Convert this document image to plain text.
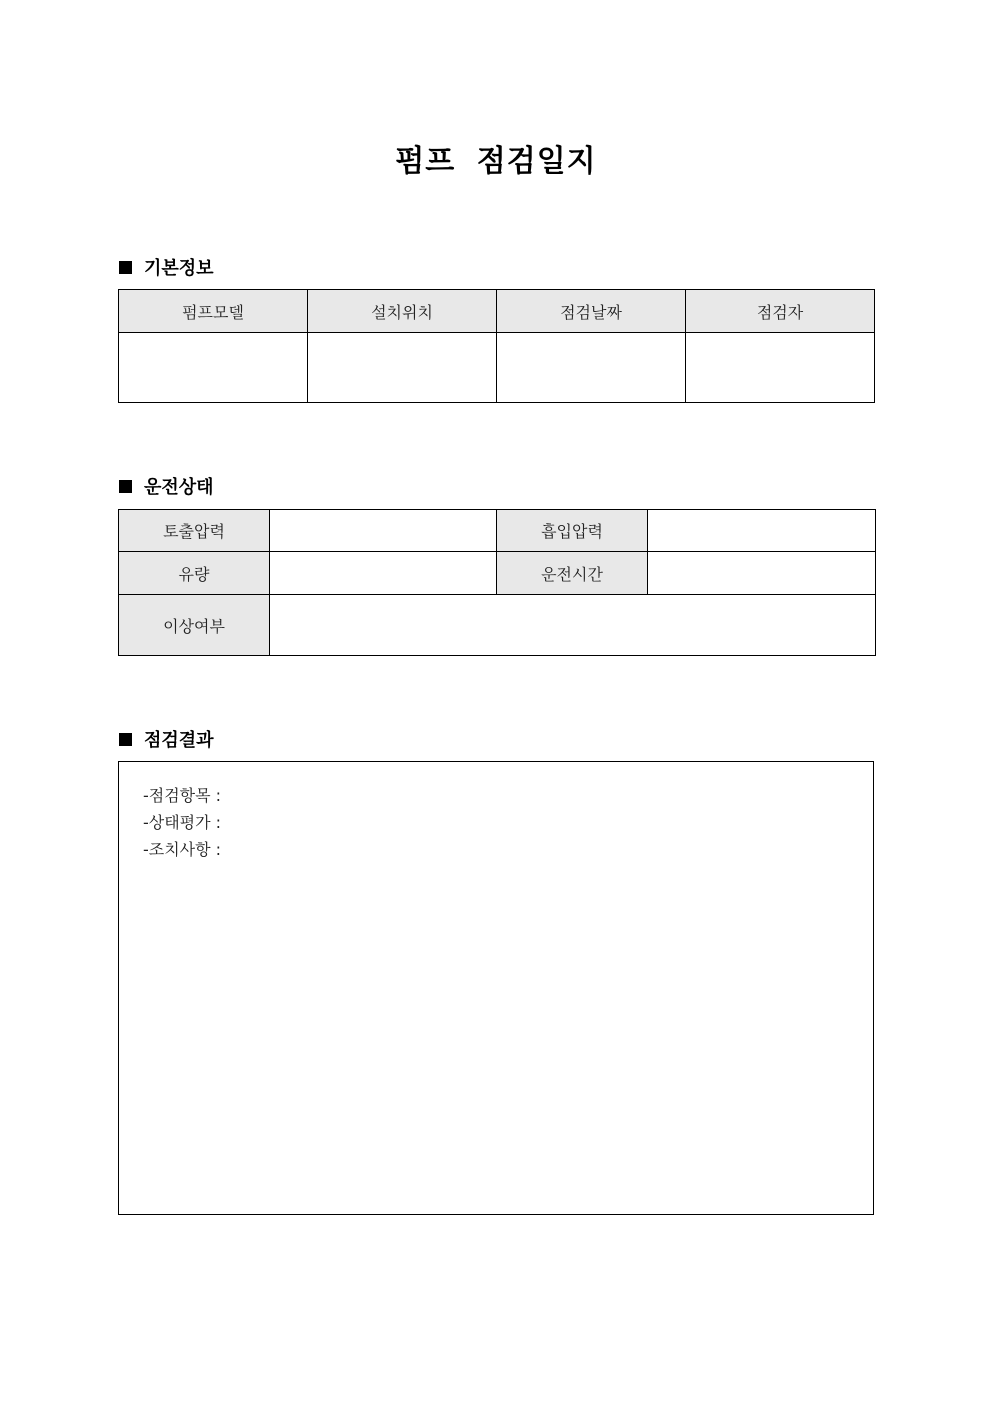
펌프 점검일지
기본정보
펌프모델	설치위치	점검날짜	점검자

운전상태
토출압력		흡입압력	
유량		운전시간	
이상여부			
점검결과
-점검항목 :
-상태평가 :
-조치사항 :
